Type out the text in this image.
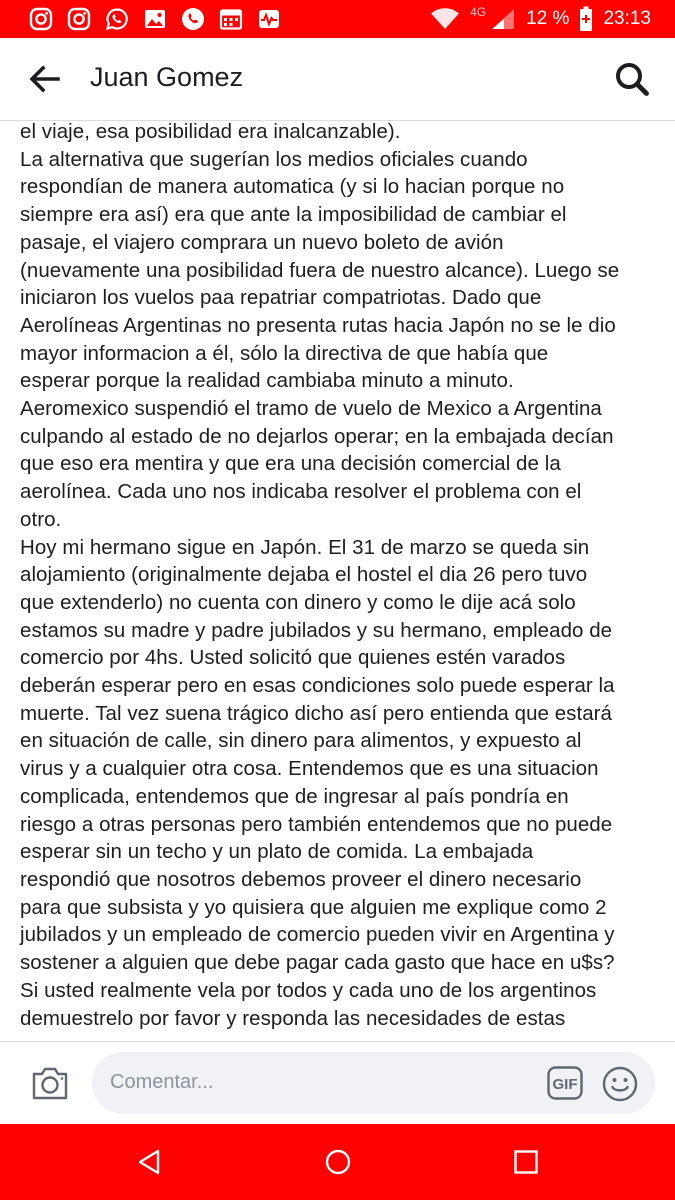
4G 12 % 23:13
Juan Gomez
el viaje, esa posibilidad era inalcanzable).
La alternativa que sugerían los medios oficiales cuando
respondían de manera automatica (y si lo hacian porque no
siempre era así) era que ante la imposibilidad de cambiar el
pasaje, el viajero comprara un nuevo boleto de avión
(nuevamente una posibilidad fuera de nuestro alcance). Luego se
iniciaron los vuelos paa repatriar compatriotas. Dado que
Aerolíneas Argentinas no presenta rutas hacia Japón no se le dio
mayor informacion a él, sólo la directiva de que había que
esperar porque la realidad cambiaba minuto a minuto.
Aeromexico suspendió el tramo de vuelo de Mexico a Argentina
culpando al estado de no dejarlos operar; en la embajada decían
que eso era mentira y que era una decisión comercial de la
aerolínea. Cada uno nos indicaba resolver el problema con el
otro.
Hoy mi hermano sigue en Japón. El 31 de marzo se queda sin
alojamiento (originalmente dejaba el hostel el dia 26 pero tuvo
que extenderlo) no cuenta con dinero y como le dije acá solo
estamos su madre y padre jubilados y su hermano, empleado de
comercio por 4hs. Usted solicitó que quienes estén varados
deberán esperar pero en esas condiciones solo puede esperar la
muerte. Tal vez suena trágico dicho así pero entienda que estará
en situación de calle, sin dinero para alimentos, y expuesto al
virus y a cualquier otra cosa. Entendemos que es una situacion
complicada, entendemos que de ingresar al país pondría en
riesgo a otras personas pero también entendemos que no puede
esperar sin un techo y un plato de comida. La embajada
respondió que nosotros debemos proveer el dinero necesario
para que subsista y yo quisiera que alguien me explique como 2
jubilados y un empleado de comercio pueden vivir en Argentina y
sostener a alguien que debe pagar cada gasto que hace en u$s?
Si usted realmente vela por todos y cada uno de los argentinos
demuestrelo por favor y responda las necesidades de estas
Comentar...	GIF
